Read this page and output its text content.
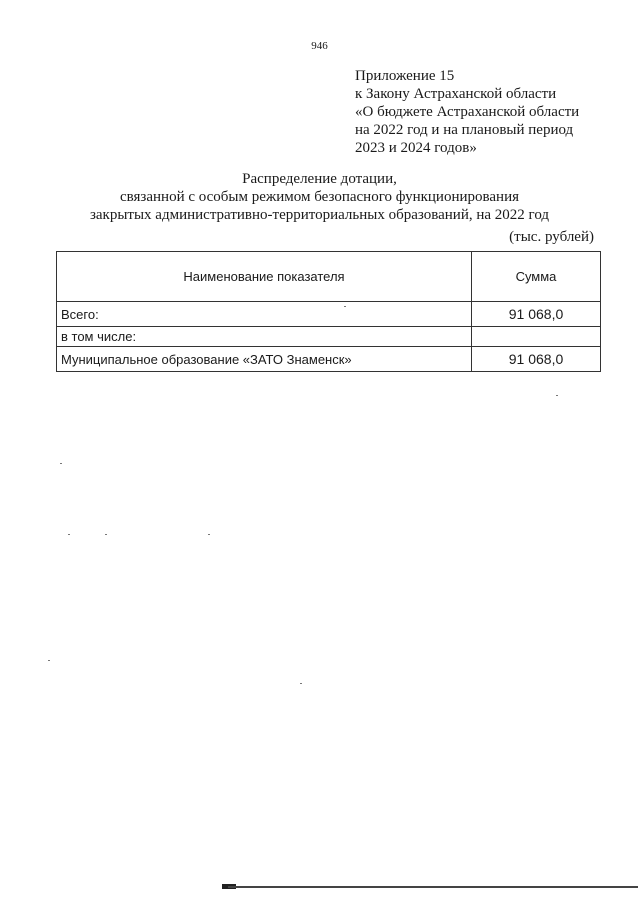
946
Приложение 15
к Закону Астраханской области
«О бюджете Астраханской области
на 2022 год и на плановый период
2023 и 2024 годов»
Распределение дотации,
связанной с особым режимом безопасного функционирования
закрытых административно-территориальных образований, на 2022 год
(тыс. рублей)
Наименование показателя	Сумма
Всего:	91 068,0
в том числе:	
Муниципальное образование «ЗАТО Знаменск»	91 068,0
